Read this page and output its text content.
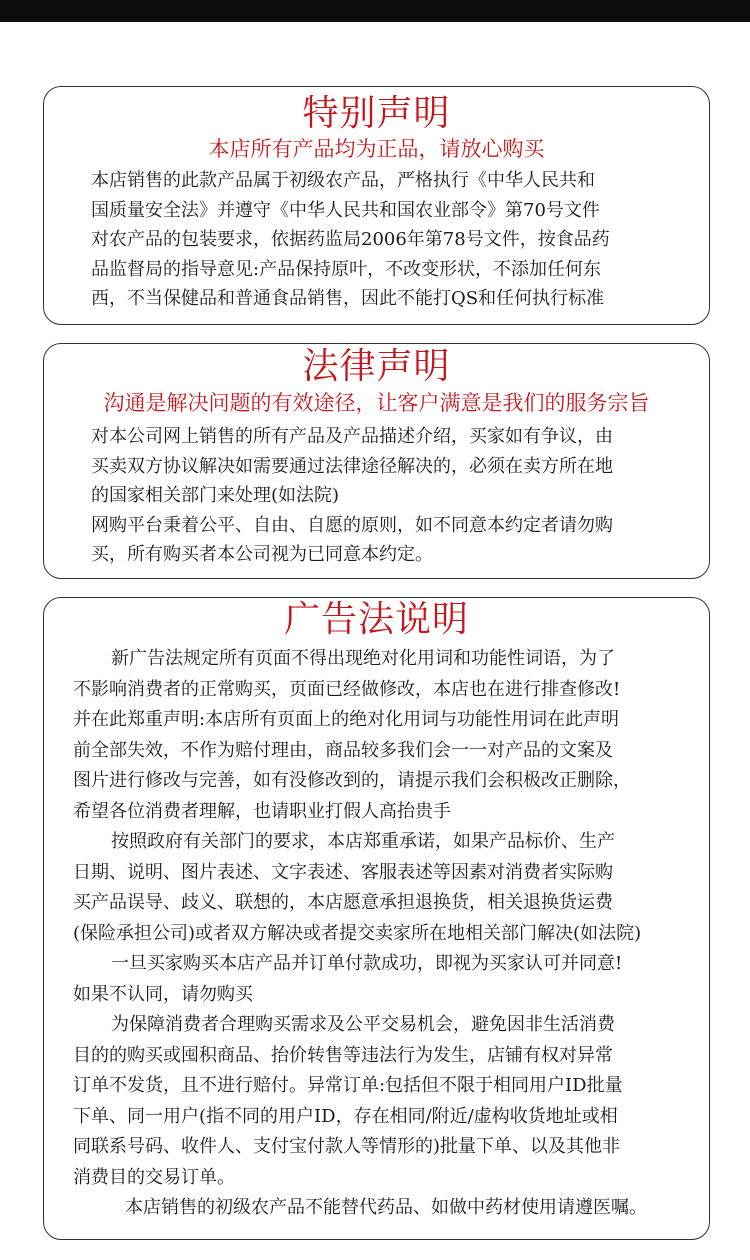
特别声明

本店所有产品均为正品，请放心购买

本店销售的此款产品属于初级农产品，严格执行《中华人民共和
国质量安全法》并遵守《中华人民共和国农业部令》第70号文件
对农产品的包装要求，依据药监局2006年第78号文件，按食品药
品监督局的指导意见:产品保持原叶，不改变形状，不添加任何东
西，不当保健品和普通食品销售，因此不能打QS和任何执行标准

法律声明

沟通是解决问题的有效途径，让客户满意是我们的服务宗旨

对本公司网上销售的所有产品及产品描述介绍，买家如有争议，由
买卖双方协议解决如需要通过法律途径解决的，必须在卖方所在地
的国家相关部门来处理(如法院)

网购平台秉着公平、自由、自愿的原则，如不同意本约定者请勿购
买，所有购买者本公司视为已同意本约定。

广告法说明

新广告法规定所有页面不得出现绝对化用词和功能性词语，为了
不影响消费者的正常购买，页面已经做修改，本店也在进行排查修改!
并在此郑重声明:本店所有页面上的绝对化用词与功能性用词在此声明
前全部失效，不作为赔付理由，商品较多我们会一一对产品的文案及
图片进行修改与完善，如有没修改到的，请提示我们会积极改正删除，
希望各位消费者理解，也请职业打假人高抬贵手

按照政府有关部门的要求，本店郑重承诺，如果产品标价、生产
日期、说明、图片表述、文字表述、客服表述等因素对消费者实际购
买产品误导、歧义、联想的，本店愿意承担退换货，相关退换货运费
(保险承担公司)或者双方解决或者提交卖家所在地相关部门解决(如法院)

一旦买家购买本店产品并订单付款成功，即视为买家认可并同意!
如果不认同，请勿购买

为保障消费者合理购买需求及公平交易机会，避免因非生活消费
目的的购买或囤积商品、抬价转售等违法行为发生，店铺有权对异常
订单不发货，且不进行赔付。异常订单:包括但不限于相同用户ID批量
下单、同一用户(指不同的用户ID，存在相同/附近/虚构收货地址或相
同联系号码、收件人、支付宝付款人等情形的)批量下单、以及其他非
消费目的交易订单。

本店销售的初级农产品不能替代药品、如做中药材使用请遵医嘱。
